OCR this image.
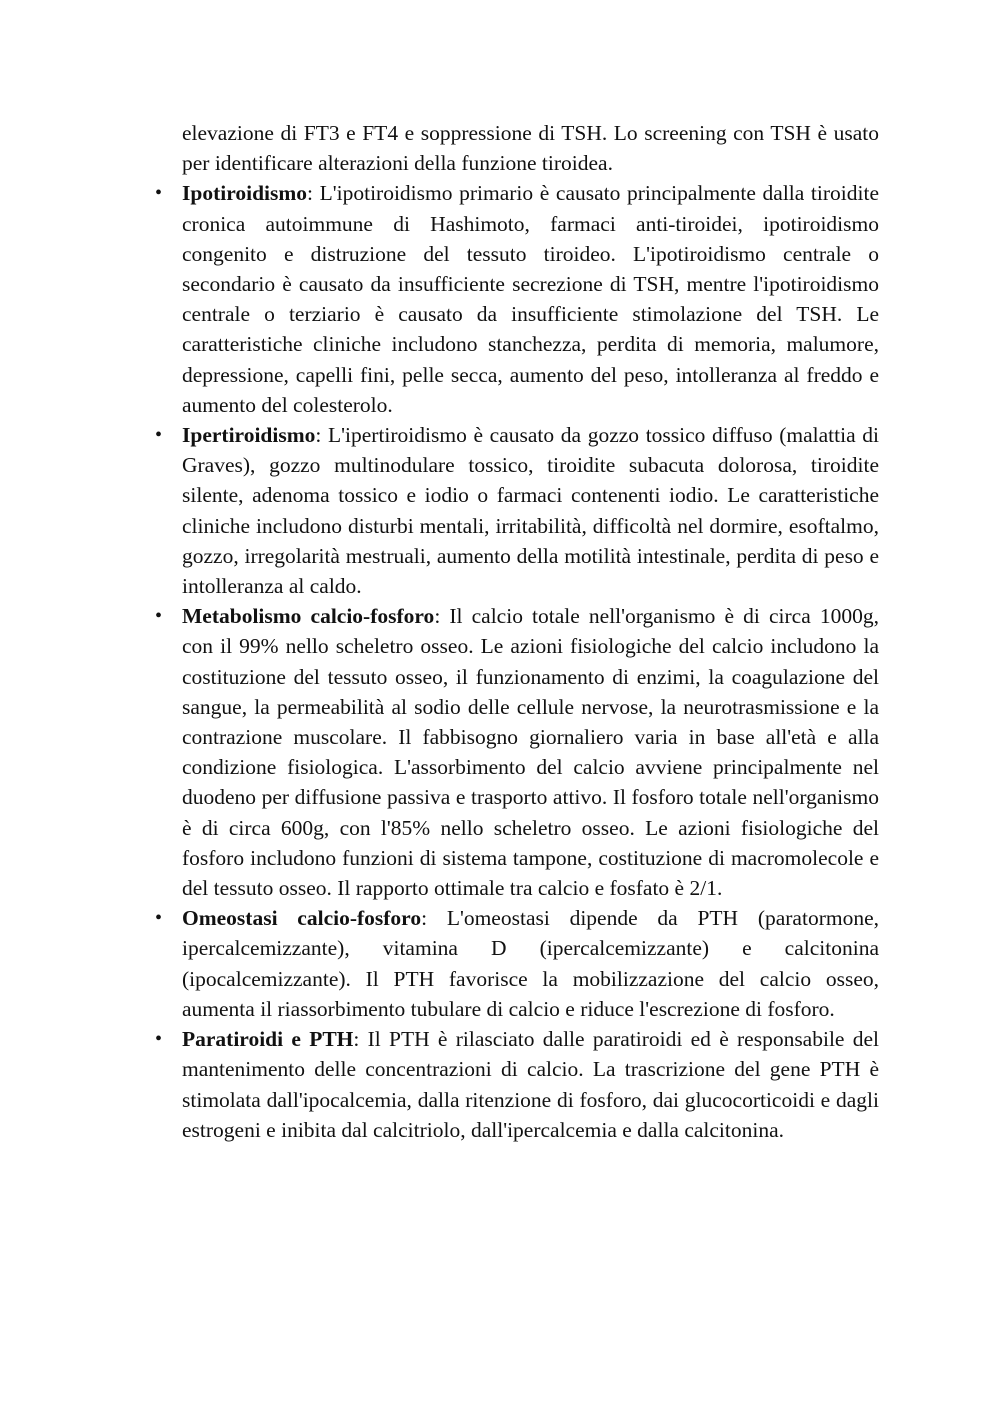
elevazione di FT3 e FT4 e soppressione di TSH. Lo screening con TSH è usato per identificare alterazioni della funzione tiroidea.

• Ipotiroidismo: L'ipotiroidismo primario è causato principalmente dalla tiroidite cronica autoimmune di Hashimoto, farmaci anti-tiroidei, ipotiroidismo congenito e distruzione del tessuto tiroideo. L'ipotiroidismo centrale o secondario è causato da insufficiente secrezione di TSH, mentre l'ipotiroidismo centrale o terziario è causato da insufficiente stimolazione del TSH. Le caratteristiche cliniche includono stanchezza, perdita di memoria, malumore, depressione, capelli fini, pelle secca, aumento del peso, intolleranza al freddo e aumento del colesterolo.
• Ipertiroidismo: L'ipertiroidismo è causato da gozzo tossico diffuso (malattia di Graves), gozzo multinodulare tossico, tiroidite subacuta dolorosa, tiroidite silente, adenoma tossico e iodio o farmaci contenenti iodio. Le caratteristiche cliniche includono disturbi mentali, irritabilità, difficoltà nel dormire, esoftalmo, gozzo, irregolarità mestruali, aumento della motilità intestinale, perdita di peso e intolleranza al caldo.
• Metabolismo calcio-fosforo: Il calcio totale nell'organismo è di circa 1000g, con il 99% nello scheletro osseo. Le azioni fisiologiche del calcio includono la costituzione del tessuto osseo, il funzionamento di enzimi, la coagulazione del sangue, la permeabilità al sodio delle cellule nervose, la neurotrasmissione e la contrazione muscolare. Il fabbisogno giornaliero varia in base all'età e alla condizione fisiologica. L'assorbimento del calcio avviene principalmente nel duodeno per diffusione passiva e trasporto attivo. Il fosforo totale nell'organismo è di circa 600g, con l'85% nello scheletro osseo. Le azioni fisiologiche del fosforo includono funzioni di sistema tampone, costituzione di macromolecole e del tessuto osseo. Il rapporto ottimale tra calcio e fosfato è 2/1.
• Omeostasi calcio-fosforo: L'omeostasi dipende da PTH (paratormone, ipercalcemizzante), vitamina D (ipercalcemizzante) e calcitonina (ipocalcemizzante). Il PTH favorisce la mobilizzazione del calcio osseo, aumenta il riassorbimento tubulare di calcio e riduce l'escrezione di fosforo.
• Paratiroidi e PTH: Il PTH è rilasciato dalle paratiroidi ed è responsabile del mantenimento delle concentrazioni di calcio. La trascrizione del gene PTH è stimolata dall'ipocalcemia, dalla ritenzione di fosforo, dai glucocorticoidi e dagli estrogeni e inibita dal calcitriolo, dall'ipercalcemia e dalla calcitonina.
